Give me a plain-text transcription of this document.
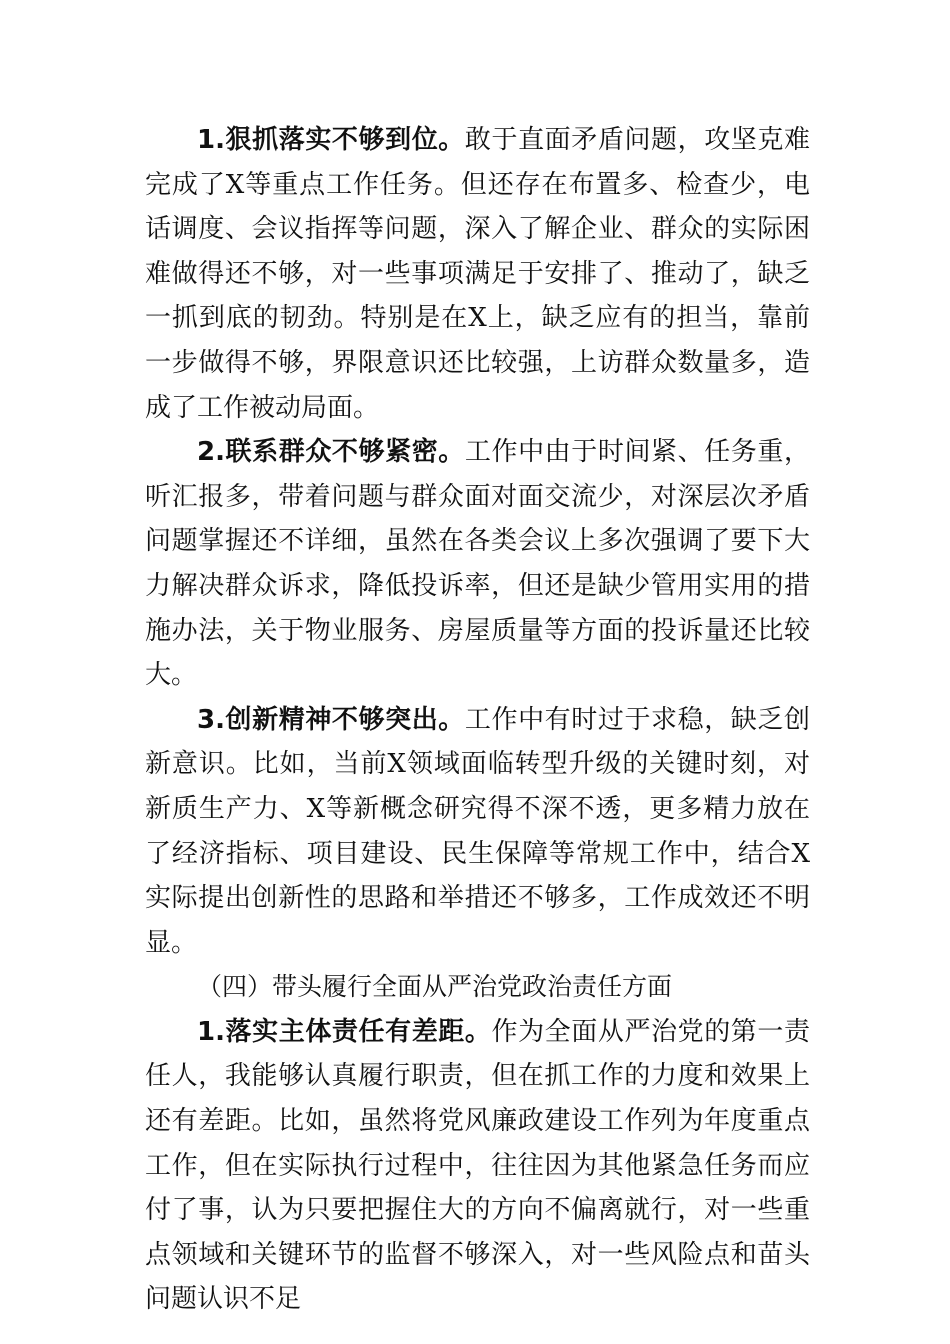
1.狠抓落实不够到位。敢于直面矛盾问题，攻坚克难完成了X等重点工作任务。但还存在布置多、检查少，电话调度、会议指挥等问题，深入了解企业、群众的实际困难做得还不够，对一些事项满足于安排了、推动了，缺乏一抓到底的韧劲。特别是在X上，缺乏应有的担当，靠前一步做得不够，界限意识还比较强，上访群众数量多，造成了工作被动局面。

2.联系群众不够紧密。工作中由于时间紧、任务重，听汇报多，带着问题与群众面对面交流少，对深层次矛盾问题掌握还不详细，虽然在各类会议上多次强调了要下大力解决群众诉求，降低投诉率，但还是缺少管用实用的措施办法，关于物业服务、房屋质量等方面的投诉量还比较大。

3.创新精神不够突出。工作中有时过于求稳，缺乏创新意识。比如，当前X领域面临转型升级的关键时刻，对新质生产力、X等新概念研究得不深不透，更多精力放在了经济指标、项目建设、民生保障等常规工作中，结合X实际提出创新性的思路和举措还不够多，工作成效还不明显。

（四）带头履行全面从严治党政治责任方面

1.落实主体责任有差距。作为全面从严治党的第一责任人，我能够认真履行职责，但在抓工作的力度和效果上还有差距。比如，虽然将党风廉政建设工作列为年度重点工作，但在实际执行过程中，往往因为其他紧急任务而应付了事，认为只要把握住大的方向不偏离就行，对一些重点领域和关键环节的监督不够深入，对一些风险点和苗头问题认识不足
